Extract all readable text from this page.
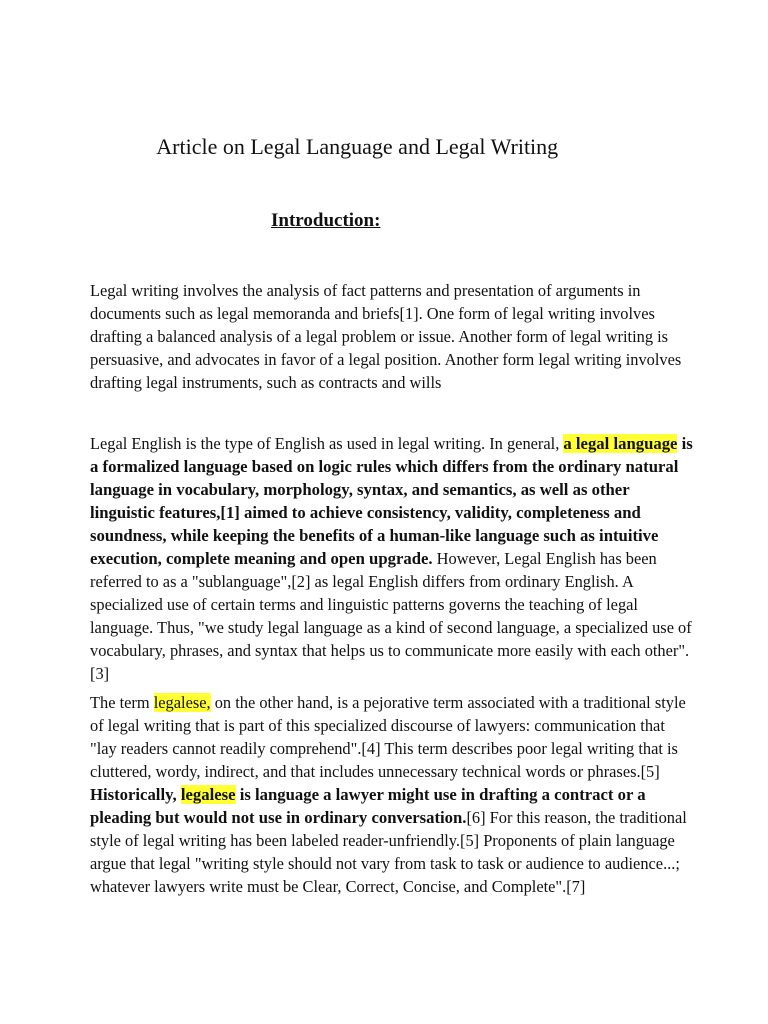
Article on Legal Language and Legal Writing
Introduction:

Legal writing involves the analysis of fact patterns and presentation of arguments in documents such as legal memoranda and briefs[1]. One form of legal writing involves drafting a balanced analysis of a legal problem or issue. Another form of legal writing is persuasive, and advocates in favor of a legal position. Another form legal writing involves drafting legal instruments, such as contracts and wills

Legal English is the type of English as used in legal writing. In general, a legal language is a formalized language based on logic rules which differs from the ordinary natural language in vocabulary, morphology, syntax, and semantics, as well as other linguistic features,[1] aimed to achieve consistency, validity, completeness and soundness, while keeping the benefits of a human-like language such as intuitive execution, complete meaning and open upgrade. However, Legal English has been referred to as a "sublanguage",[2] as legal English differs from ordinary English. A specialized use of certain terms and linguistic patterns governs the teaching of legal language. Thus, "we study legal language as a kind of second language, a specialized use of vocabulary, phrases, and syntax that helps us to communicate more easily with each other".[3]

The term legalese, on the other hand, is a pejorative term associated with a traditional style of legal writing that is part of this specialized discourse of lawyers: communication that "lay readers cannot readily comprehend".[4] This term describes poor legal writing that is cluttered, wordy, indirect, and that includes unnecessary technical words or phrases.[5] Historically, legalese is language a lawyer might use in drafting a contract or a pleading but would not use in ordinary conversation.[6] For this reason, the traditional style of legal writing has been labeled reader-unfriendly.[5] Proponents of plain language argue that legal "writing style should not vary from task to task or audience to audience...; whatever lawyers write must be Clear, Correct, Concise, and Complete".[7]
